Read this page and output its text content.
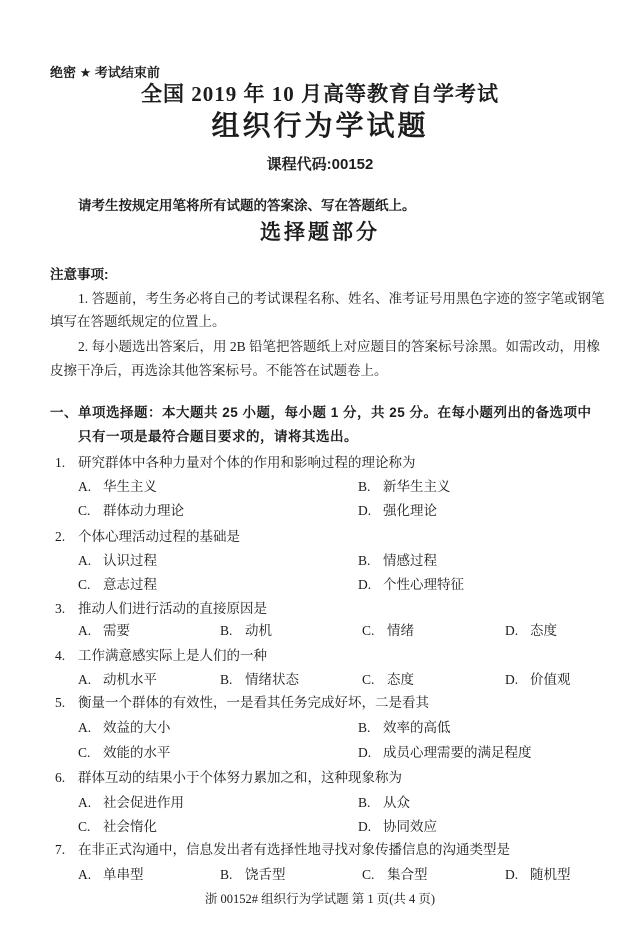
绝密 ★ 考试结束前
全国 2019 年 10 月高等教育自学考试
组织行为学试题
课程代码:00152
请考生按规定用笔将所有试题的答案涂、写在答题纸上。
选择题部分
注意事项:
1. 答题前，考生务必将自己的考试课程名称、姓名、准考证号用黑色字迹的签字笔或钢笔
填写在答题纸规定的位置上。
2. 每小题选出答案后，用 2B 铅笔把答题纸上对应题目的答案标号涂黑。如需改动，用橡
皮擦干净后，再选涂其他答案标号。不能答在试题卷上。
一、单项选择题：本大题共 25 小题，每小题 1 分，共 25 分。在每小题列出的备选项中
只有一项是最符合题目要求的，请将其选出。
1. 研究群体中各种力量对个体的作用和影响过程的理论称为
A. 华生主义	B. 新华生主义
C. 群体动力理论	D. 强化理论
2. 个体心理活动过程的基础是
A. 认识过程	B. 情感过程
C. 意志过程	D. 个性心理特征
3. 推动人们进行活动的直接原因是
A. 需要	B. 动机	C. 情绪	D. 态度
4. 工作满意感实际上是人们的一种
A. 动机水平	B. 情绪状态	C. 态度	D. 价值观
5. 衡量一个群体的有效性，一是看其任务完成好坏，二是看其
A. 效益的大小	B. 效率的高低
C. 效能的水平	D. 成员心理需要的满足程度
6. 群体互动的结果小于个体努力累加之和，这种现象称为
A. 社会促进作用	B. 从众
C. 社会惰化	D. 协同效应
7. 在非正式沟通中，信息发出者有选择性地寻找对象传播信息的沟通类型是
A. 单串型	B. 饶舌型	C. 集合型	D. 随机型
浙 00152# 组织行为学试题 第 1 页(共 4 页)
